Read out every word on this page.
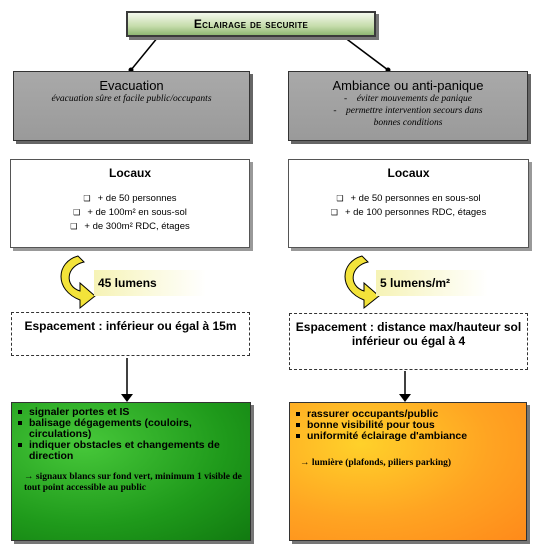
Eclairage de securite
Evacuation
évacuation sûre et facile public/occupants
Ambiance ou anti-panique
-    éviter mouvements de panique
-    permettre intervention secours dans bonnes conditions
Locaux
❑ + de 50 personnes
❑ + de 100m² en sous-sol
❑ + de 300m² RDC, étages
Locaux
❑ + de 50 personnes en sous-sol
❑ + de 100 personnes RDC, étages
45 lumens	5 lumens/m²
Espacement : inférieur ou égal à 15m	Espacement : distance max/hauteur sol inférieur ou égal à 4
signaler portes et IS
balisage dégagements (couloirs, circulations)
indiquer obstacles et changements de direction
→ signaux blancs sur fond vert, minimum 1 visible de tout point accessible au public
rassurer occupants/public
bonne visibilité pour tous
uniformité éclairage d'ambiance
→ lumière (plafonds, piliers parking)
